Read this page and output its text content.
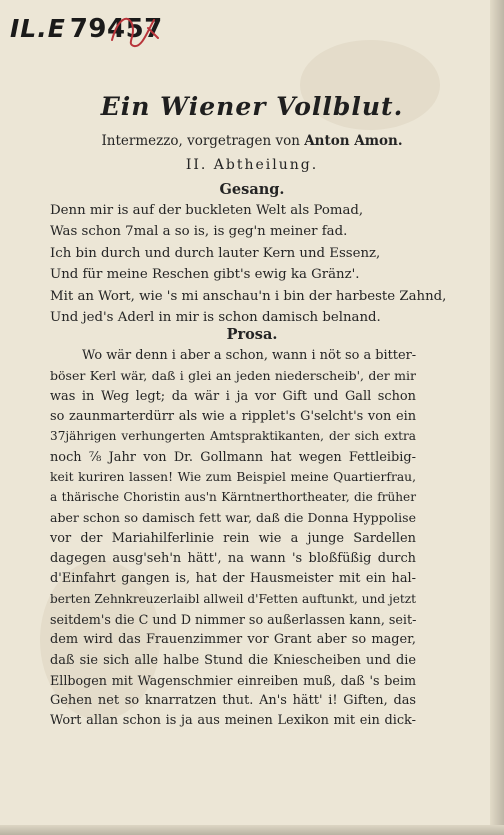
IL.E 79457
Ein Wiener Vollblut.
Intermezzo, vorgetragen von Anton Amon.
II. Abtheilung.
Gesang.
Denn mir is auf der buckleten Welt als Pomad,
Was schon 7mal a so is, is geg'n meiner fad.
Ich bin durch und durch lauter Kern und Essenz,
Und für meine Reschen gibt's ewig ka Gränz'.
Mit an Wort, wie 's mi anschau'n i bin der harbeste Zahnd,
Und jed's Aderl in mir is schon damisch belnand.
Prosa.
Wo wär denn i aber a schon, wann i nöt so a bitter-
böser Kerl wär, daß i glei an jeden niederscheib', der mir
was in Weg legt; da wär i ja vor Gift und Gall schon
so zaunmarterdürr als wie a ripplet's G'selcht's von ein
37jährigen verhungerten Amtspraktikanten, der sich extra
noch ⁷⁄₈ Jahr von Dr. Gollmann hat wegen Fettleibig-
keit kuriren lassen! Wie zum Beispiel meine Quartierfrau,
a thärische Choristin aus'n Kärntnerthortheater, die früher
aber schon so damisch fett war, daß die Donna Hyppolise
vor der Mariahilferlinie rein wie a junge Sardellen
dagegen ausg'seh'n hätt', na wann 's bloßfüßig durch
d'Einfahrt gangen is, hat der Hausmeister mit ein hal-
berten Zehnkreuzerlaibl allweil d'Fetten auftunkt, und jetzt
seitdem's die C und D nimmer so außerlassen kann, seit-
dem wird das Frauenzimmer vor Grant aber so mager,
daß sie sich alle halbe Stund die Kniescheiben und die
Ellbogen mit Wagenschmier einreiben muß, daß 's beim
Gehen net so knarratzen thut. An's hätt' i! Giften, das
Wort allan schon is ja aus meinen Lexikon mit ein dick-
